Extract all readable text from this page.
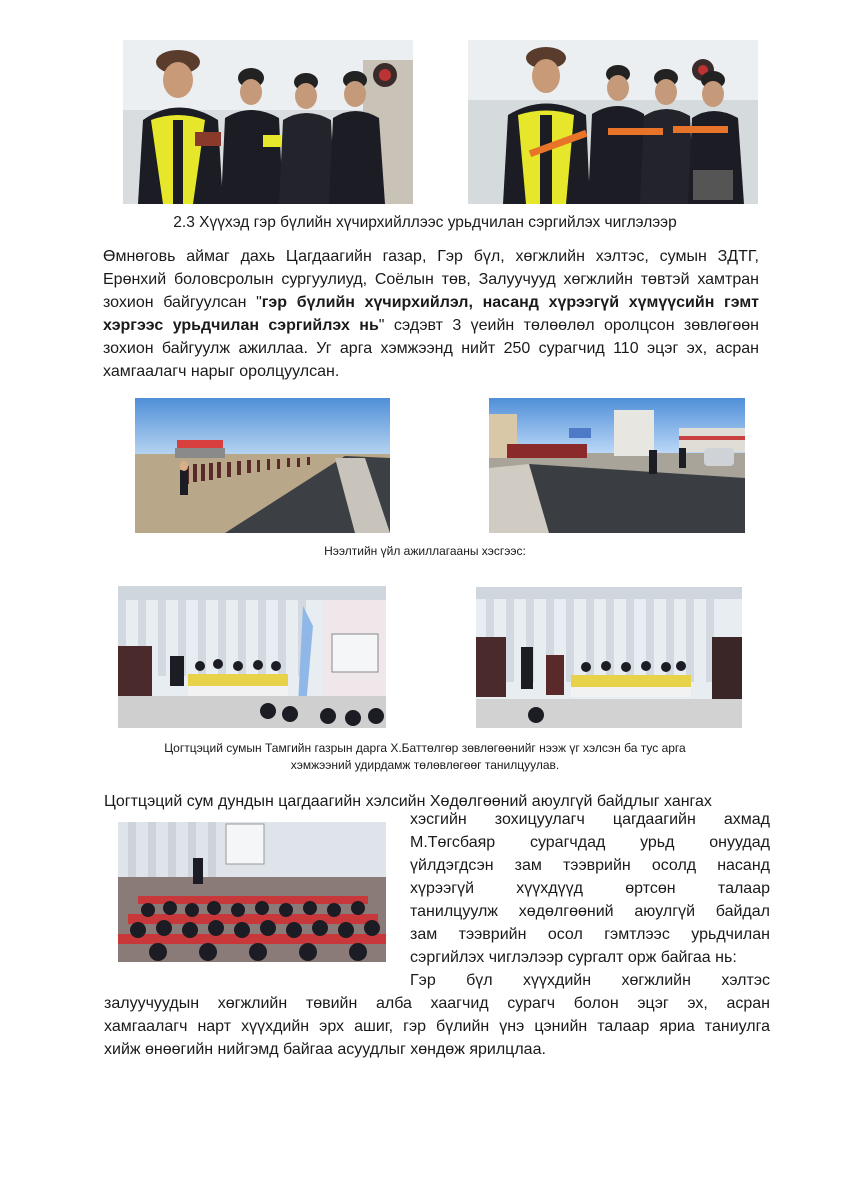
2.3 Хүүхэд гэр бүлийн хүчирхийллээс урьдчилан сэргийлэх чиглэлээр
Өмнөговь аймаг дахь Цагдаагийн газар, Гэр бүл, хөгжлийн хэлтэс, сумын ЗДТГ, Ерөнхий боловсролын сургуулиуд, Соёлын төв, Залуучууд хөгжлийн төвтэй хамтран зохион байгуулсан "гэр бүлийн хүчирхийлэл, насанд хүрээгүй хүмүүсийн гэмт хэргээс урьдчилан сэргийлэх нь" сэдэвт 3 үеийн төлөөлөл оролцсон зөвлөгөөн зохион байгуулж ажиллаа. Уг арга хэмжээнд нийт 250 сурагчид 110 эцэг эх, асран хамгаалагч нарыг оролцуулсан.
Нээлтийн үйл ажиллагааны хэсгээс:
Цогтцэций сумын Тамгийн газрын дарга Х.Баттөлгөр зөвлөгөөнийг нээж үг хэлсэн ба тус арга
хэмжээний удирдамж төлөвлөгөөг танилцуулав.
Цогтцэций сум дундын цагдаагийн хэлсийн Хөдөлгөөний аюулгүй байдлыг хангах
хэсгийн зохицуулагч цагдаагийн ахмад
М.Төгсбаяр сурагчдад урьд онуудад
үйлдэгдсэн зам тээврийн осолд насанд
хүрээгүй хүүхдүүд өртсөн талаар
танилцуулж хөдөлгөөний аюулгүй байдал
зам тээврийн осол гэмтлээс урьдчилан
сэргийлэх чиглэлээр сургалт орж байгаа нь:
Гэр бүл хүүхдийн хөгжлийн хэлтэс
залуучуудын хөгжлийн төвийн алба хаагчид сурагч болон эцэг эх, асран
хамгаалагч нарт хүүхдийн эрх ашиг, гэр бүлийн үнэ цэнийн талаар яриа таниулга
хийж өнөөгийн нийгэмд байгаа асуудлыг хөндөж ярилцлаа.
